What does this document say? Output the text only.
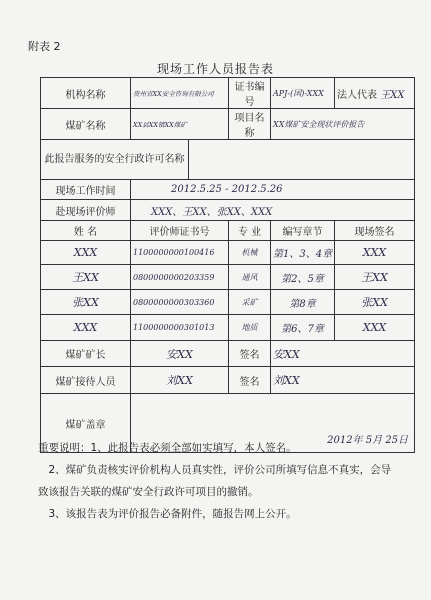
附表 2
现场工作人员报告表
机构名称	贵州省XX安全咨询有限公司		证书编号	APJ-(国)-XXX	法人代表 王XX
煤矿名称	XX县XX镇XX煤矿		项目名称	XX煤矿安全现状评价报告	
此报告服务的安全行政许可名称					
现场工作时间	2012.5.25 - 2012.5.26				
赴现场评价师	XXX、王XX、张XX、XXX				
姓 名	评价师证书号		专 业	编写章节	现场签名
XXX	1100000000100416		机械	第1、3、4章	XXX
王XX	0800000000203359		通风	第2、5章	王XX
张XX	0800000000303360		采矿	第8章	张XX
XXX	1100000000301013		地质	第6、7章	XXX
煤矿矿长	安XX		签名	安XX	
煤矿接待人员	刘XX		签名	刘XX	
煤矿盖章	2012年 5月 25日				

重要说明：1、此报告表必须全部如实填写，本人签名。

2、煤矿负责核实评价机构人员真实性，评价公司所填写信息不真实，会导致该报告关联的煤矿安全行政许可项目的撤销。

3、该报告表为评价报告必备附件，随报告网上公开。
